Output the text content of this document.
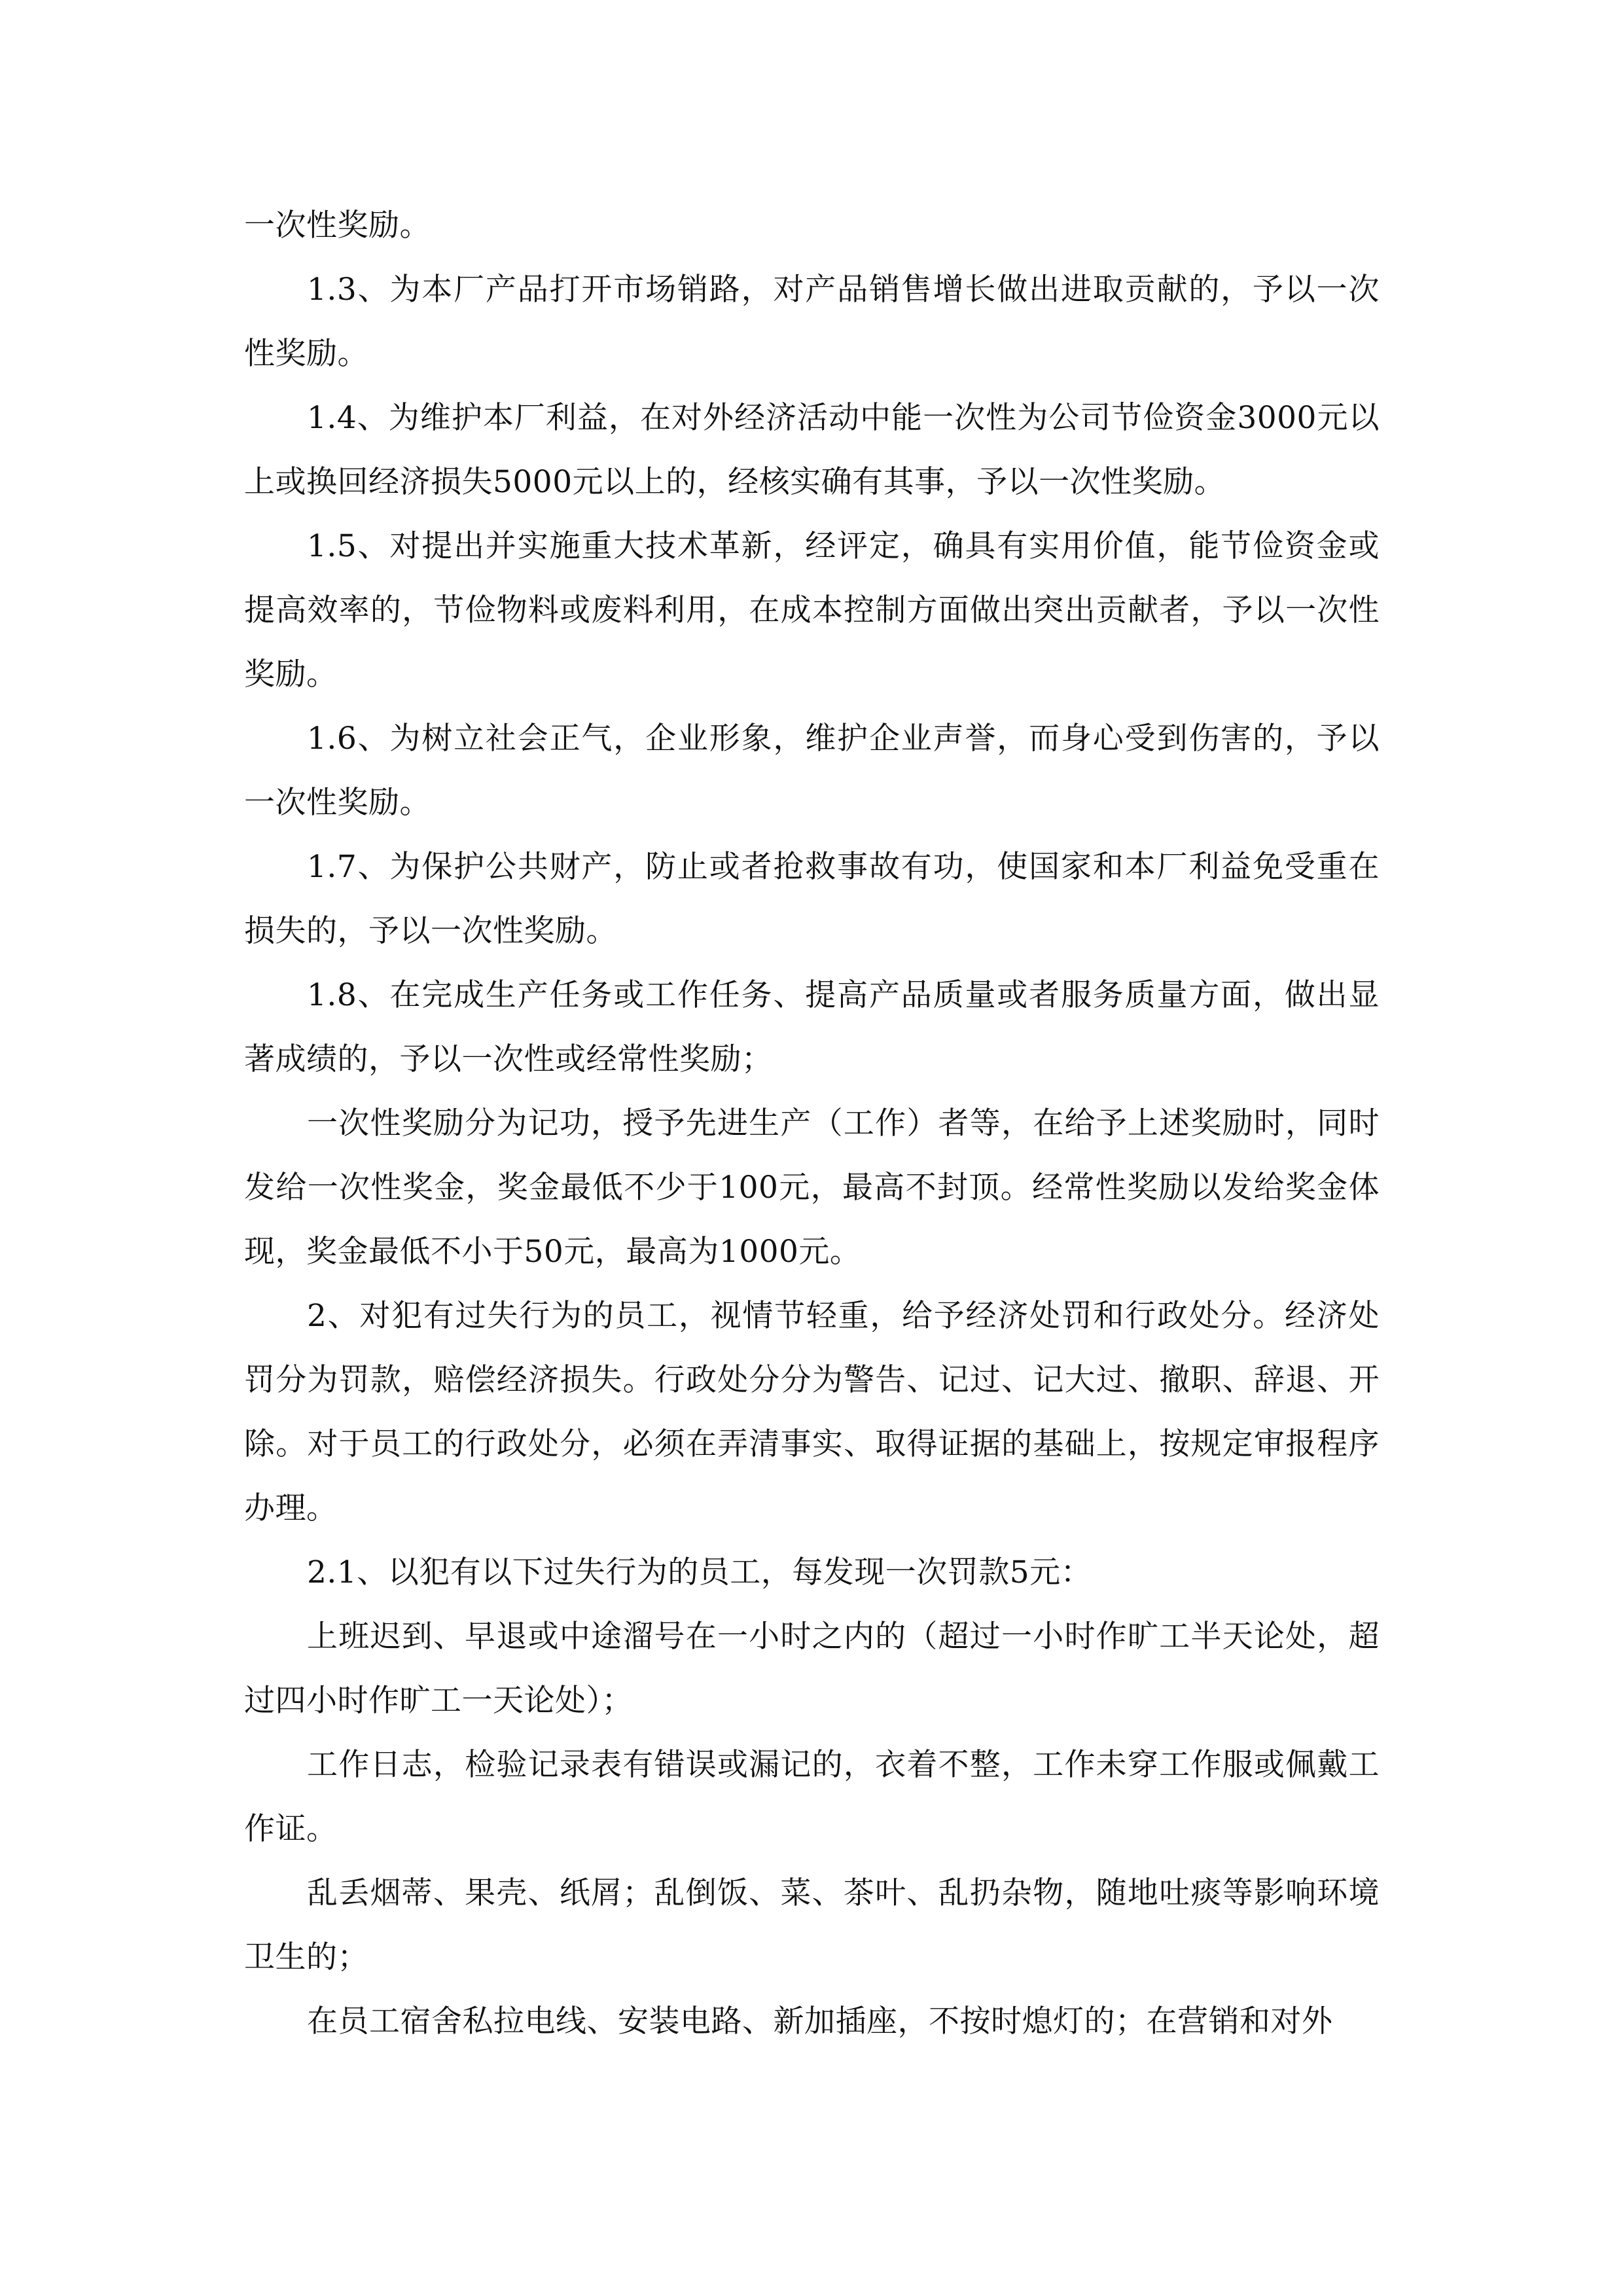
一次性奖励。

1.3、为本厂产品打开市场销路，对产品销售增长做出进取贡献的，予以一次性奖励。

1.4、为维护本厂利益，在对外经济活动中能一次性为公司节俭资金3000元以上或换回经济损失5000元以上的，经核实确有其事，予以一次性奖励。

1.5、对提出并实施重大技术革新，经评定，确具有实用价值，能节俭资金或提高效率的，节俭物料或废料利用，在成本控制方面做出突出贡献者，予以一次性奖励。

1.6、为树立社会正气，企业形象，维护企业声誉，而身心受到伤害的，予以一次性奖励。

1.7、为保护公共财产，防止或者抢救事故有功，使国家和本厂利益免受重在损失的，予以一次性奖励。

1.8、在完成生产任务或工作任务、提高产品质量或者服务质量方面，做出显著成绩的，予以一次性或经常性奖励；

一次性奖励分为记功，授予先进生产（工作）者等，在给予上述奖励时，同时发给一次性奖金，奖金最低不少于100元，最高不封顶。经常性奖励以发给奖金体现，奖金最低不小于50元，最高为1000元。

2、对犯有过失行为的员工，视情节轻重，给予经济处罚和行政处分。经济处罚分为罚款，赔偿经济损失。行政处分分为警告、记过、记大过、撤职、辞退、开除。对于员工的行政处分，必须在弄清事实、取得证据的基础上，按规定审报程序办理。

2.1、以犯有以下过失行为的员工，每发现一次罚款5元：

上班迟到、早退或中途溜号在一小时之内的（超过一小时作旷工半天论处，超过四小时作旷工一天论处）；

工作日志，检验记录表有错误或漏记的，衣着不整，工作未穿工作服或佩戴工作证。

乱丢烟蒂、果壳、纸屑；乱倒饭、菜、茶叶、乱扔杂物，随地吐痰等影响环境卫生的；

在员工宿舍私拉电线、安装电路、新加插座，不按时熄灯的；在营销和对外
